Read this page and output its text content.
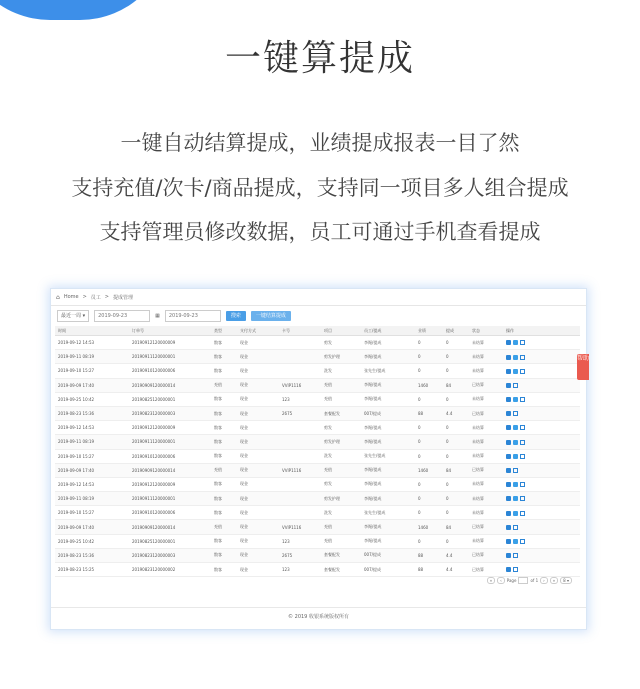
一键算提成
一键自动结算提成，业绩提成报表一目了然
支持充值/次卡/商品提成，支持同一项目多人组合提成
支持管理员修改数据，员工可通过手机查看提成
⌂ Home > 员工 > 提成管理
最近一周 ▾	2019-09-23	▦	2019-09-23	搜索	一键结算提成
时间	订单号	类型	支付方式	卡号	项目	员工/提成	业绩	提成	状态	操作
2019-09-12 14:53	20190912120000009	散客	现金		剪发	李绳/提成	0	0	未结算	
2019-09-11 08:19	20190911120000001	散客	现金		剪发护理	李绳/提成	0	0	未结算	
2019-09-10 15:27	20190910120000006	散客	现金		洗发	张先生/提成	0	0	未结算	
2019-09-09 17:40	20190909120000014	充值	现金	VVIP1116	充值	李绳/提成	1460	84	已结算	
2019-09-25 10:42	20190825120000001	散客	现金	123	充值	李绳/提成	0	0	未结算	
2019-08-23 15:36	20190823120000003	散客	现金	2675	套餐配发	007/提成	88	4.4	已结算	
2019-09-12 14:53	20190912120000009	散客	现金		剪发	李绳/提成	0	0	未结算	
2019-09-11 08:19	20190911120000001	散客	现金		剪发护理	李绳/提成	0	0	未结算	
2019-09-10 15:27	20190910120000006	散客	现金		洗发	张先生/提成	0	0	未结算	
2019-09-09 17:40	20190909120000014	充值	现金	VVIP1116	充值	李绳/提成	1460	84	已结算	
2019-09-12 14:53	20190912120000009	散客	现金		剪发	李绳/提成	0	0	未结算	
2019-09-11 08:19	20190911120000001	散客	现金		剪发护理	李绳/提成	0	0	未结算	
2019-09-10 15:27	20190910120000006	散客	现金		洗发	张先生/提成	0	0	未结算	
2019-09-09 17:40	20190909120000014	充值	现金	VVIP1116	充值	李绳/提成	1460	84	已结算	
2019-09-25 10:42	20190825120000001	散客	现金	123	充值	李绳/提成	0	0	未结算	
2019-08-23 15:36	20190823120000003	散客	现金	2675	套餐配发	007/提成	88	4.4	已结算	
2019-08-23 15:25	20190823120000002	散客	现金	123	套餐配发	007/提成	88	4.4	已结算	
«	‹	Page	of 1	›	»	8 ▾
© 2019 收银系统版权所有
帮助
